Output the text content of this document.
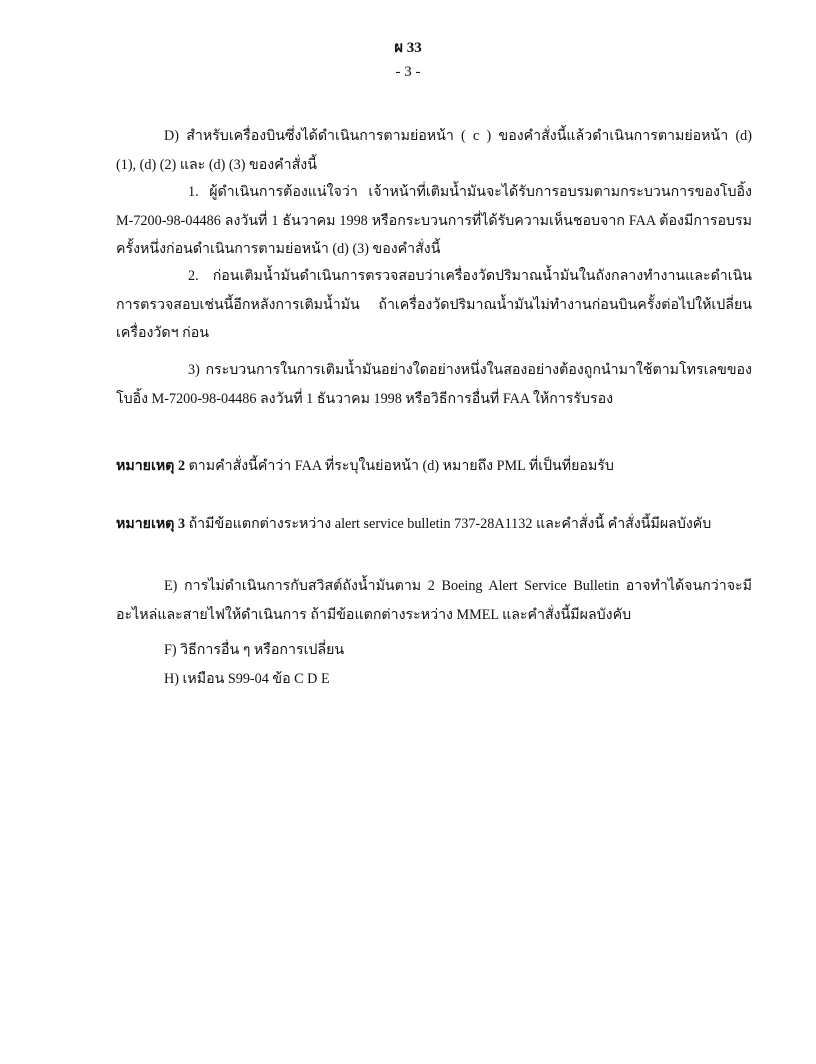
ผ 33
- 3 -
D) สำหรับเครื่องบินซึ่งได้ดำเนินการตามย่อหน้า ( c ) ของคำสั่งนี้แล้วดำเนินการตามย่อหน้า (d) (1), (d) (2) และ (d) (3) ของคำสั่งนี้
1. ผู้ดำเนินการต้องแน่ใจว่า เจ้าหน้าที่เติมน้ำมันจะได้รับการอบรมตามกระบวนการของโบอิ้ง M-7200-98-04486 ลงวันที่ 1 ธันวาคม 1998 หรือกระบวนการที่ได้รับความเห็นชอบจาก FAA ต้องมีการอบรมครั้งหนึ่งก่อนดำเนินการตามย่อหน้า (d) (3) ของคำสั่งนี้
2. ก่อนเติมน้ำมันดำเนินการตรวจสอบว่าเครื่องวัดปริมาณน้ำมันในถังกลางทำงานและดำเนินการตรวจสอบเช่นนี้อีกหลังการเติมน้ำมัน ถ้าเครื่องวัดปริมาณน้ำมันไม่ทำงานก่อนบินครั้งต่อไปให้เปลี่ยนเครื่องวัดฯ ก่อน
3) กระบวนการในการเติมน้ำมันอย่างใดอย่างหนึ่งในสองอย่างต้องถูกนำมาใช้ตามโทรเลขของโบอิ้ง M-7200-98-04486 ลงวันที่ 1 ธันวาคม 1998 หรือวิธีการอื่นที่ FAA ให้การรับรอง
หมายเหตุ 2 ตามคำสั่งนี้คำว่า FAA ที่ระบุในย่อหน้า (d) หมายถึง PML ที่เป็นที่ยอมรับ
หมายเหตุ 3 ถ้ามีข้อแตกต่างระหว่าง alert service bulletin 737-28A1132 และคำสั่งนี้ คำสั่งนี้มีผลบังคับ
E) การไม่ดำเนินการกับสวิสต์ถังน้ำมันตาม 2 Boeing Alert Service Bulletin อาจทำได้จนกว่าจะมีอะไหล่และสายไฟให้ดำเนินการ ถ้ามีข้อแตกต่างระหว่าง MMEL และคำสั่งนี้มีผลบังคับ
F) วิธีการอื่น ๆ หรือการเปลี่ยน
H) เหมือน S99-04 ข้อ C D E
